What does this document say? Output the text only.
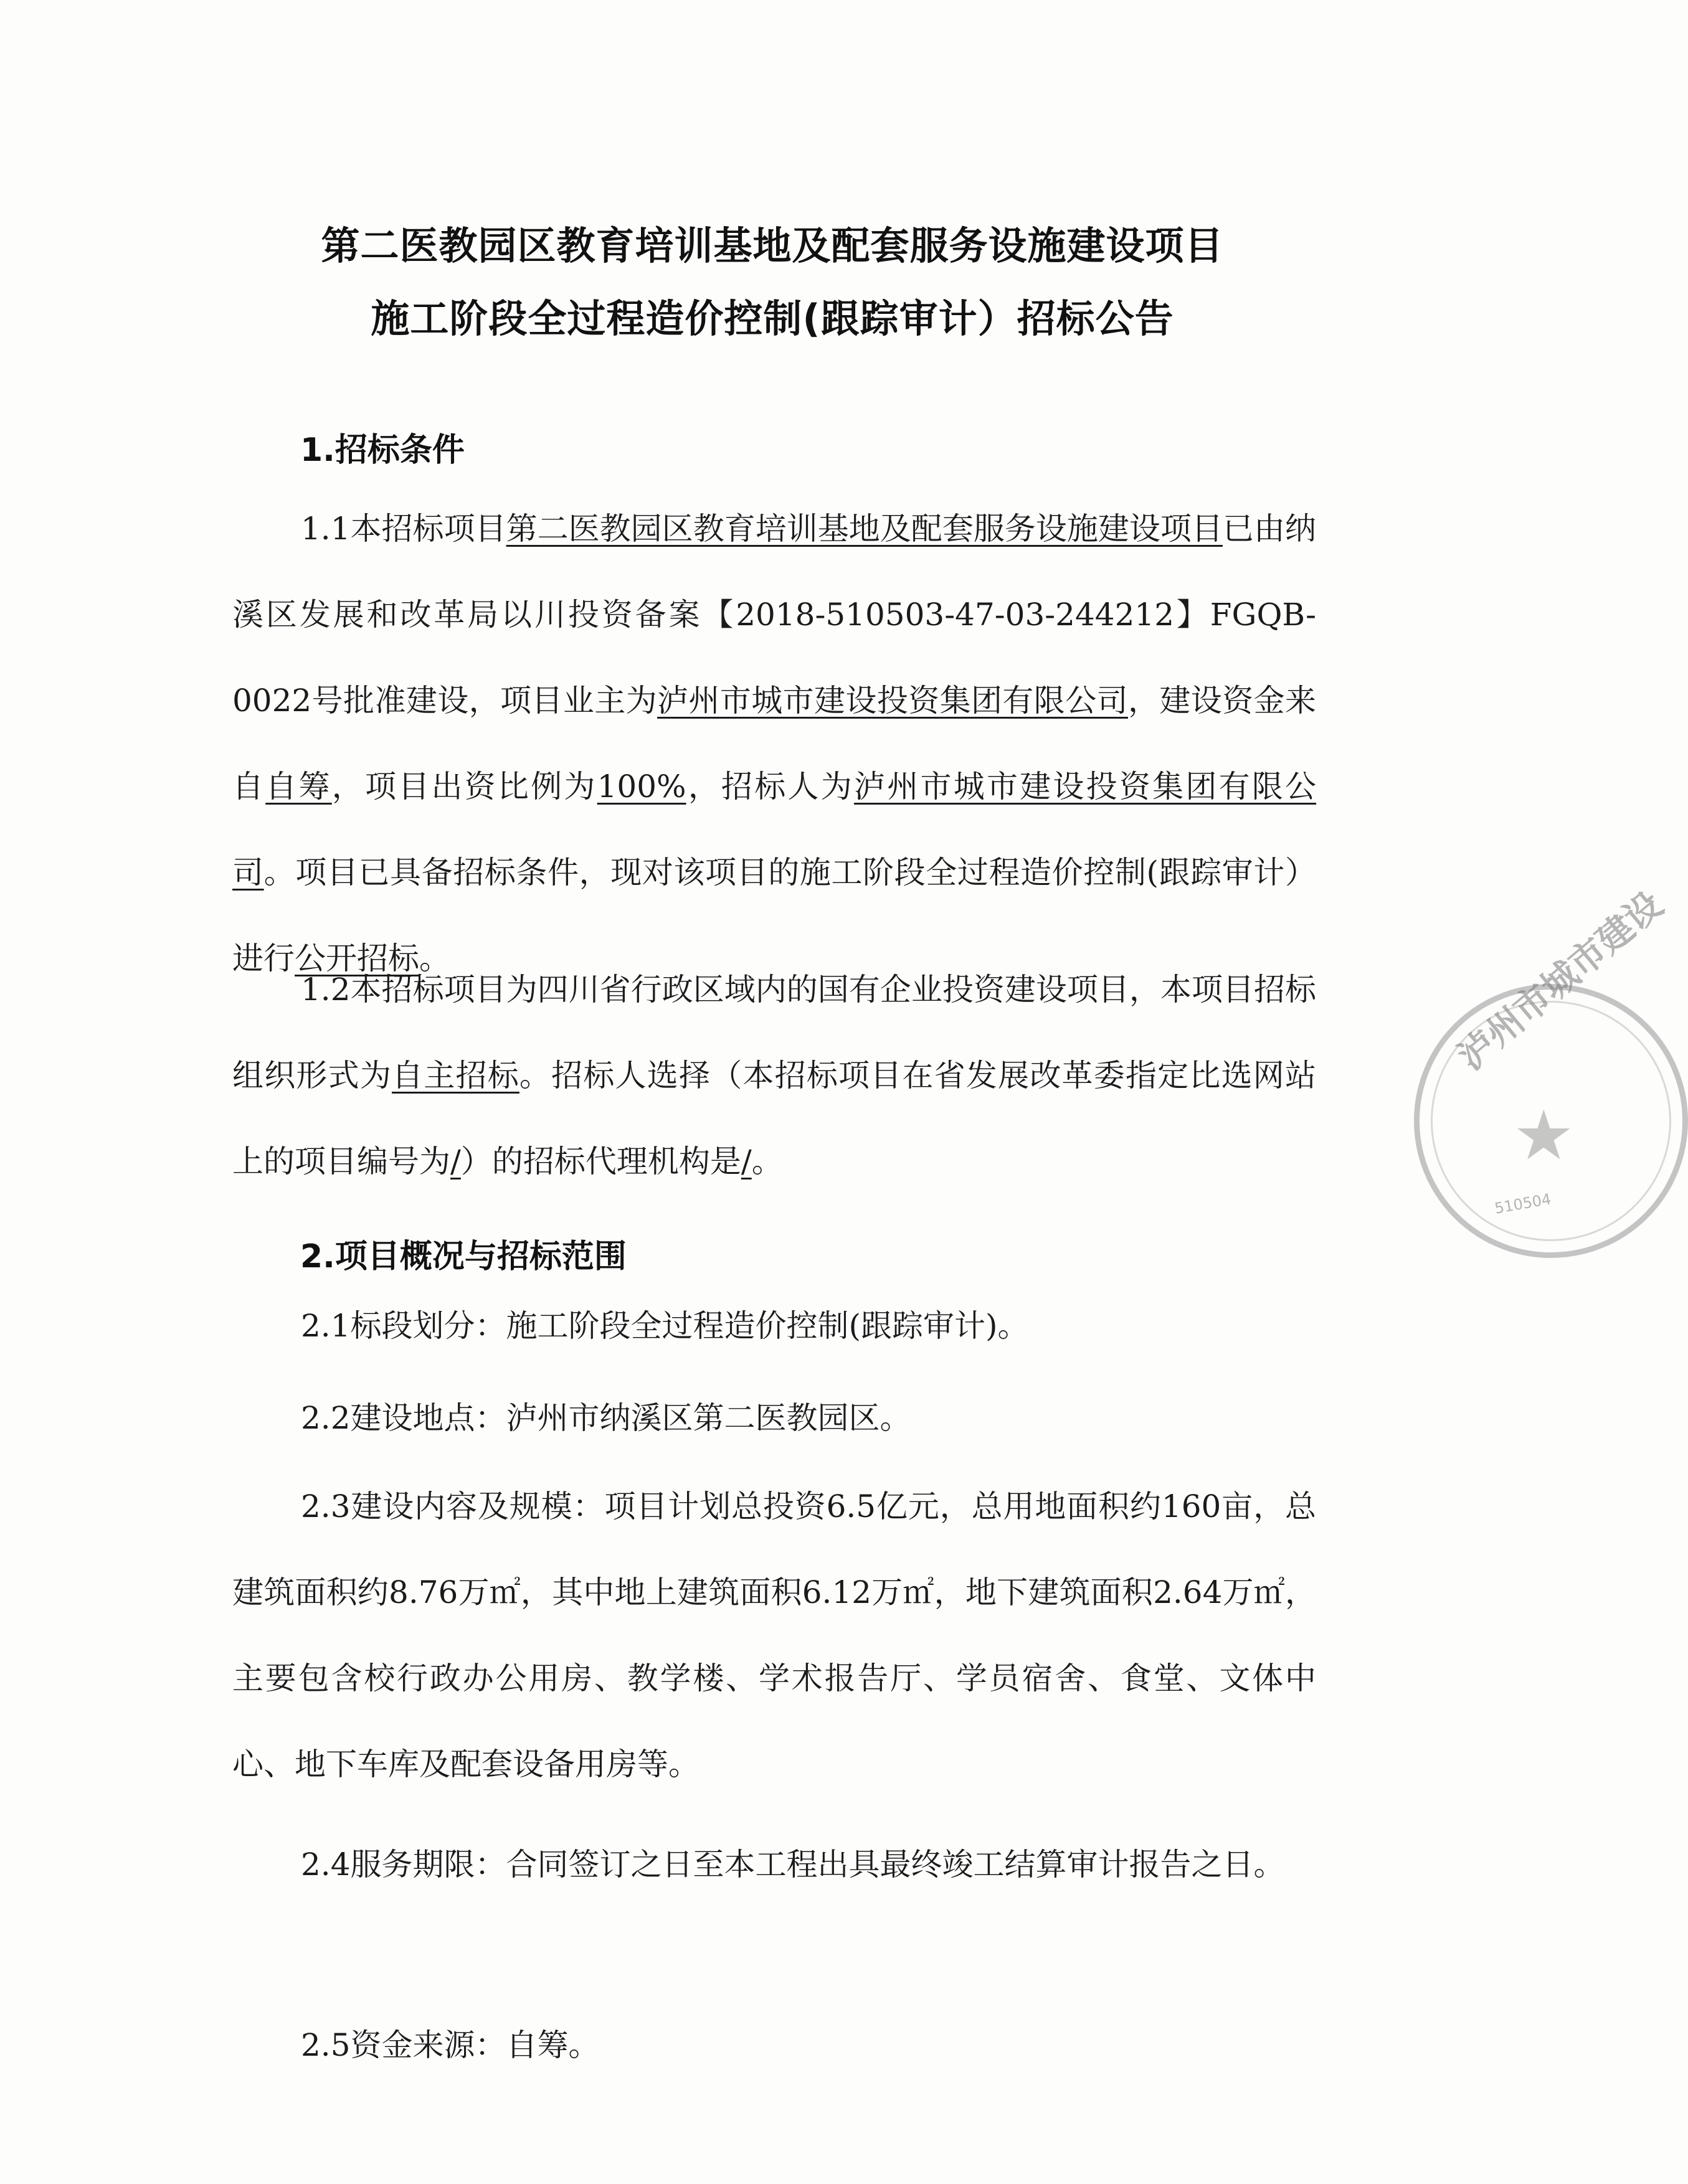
第二医教园区教育培训基地及配套服务设施建设项目
施工阶段全过程造价控制(跟踪审计）招标公告
1.招标条件

1.1本招标项目第二医教园区教育培训基地及配套服务设施建设项目已由纳溪区发展和改革局以川投资备案【2018-510503-47-03-244212】FGQB-0022号批准建设，项目业主为泸州市城市建设投资集团有限公司，建设资金来自自筹，项目出资比例为100%，招标人为泸州市城市建设投资集团有限公司。项目已具备招标条件，现对该项目的施工阶段全过程造价控制(跟踪审计）进行公开招标。

1.2本招标项目为四川省行政区域内的国有企业投资建设项目，本项目招标组织形式为自主招标。招标人选择（本招标项目在省发展改革委指定比选网站上的项目编号为/）的招标代理机构是/。

2.项目概况与招标范围

2.1标段划分：施工阶段全过程造价控制(跟踪审计)。

2.2建设地点：泸州市纳溪区第二医教园区。

2.3建设内容及规模：项目计划总投资6.5亿元，总用地面积约160亩，总建筑面积约8.76万㎡，其中地上建筑面积6.12万㎡，地下建筑面积2.64万㎡，主要包含校行政办公用房、教学楼、学术报告厅、学员宿舍、食堂、文体中心、地下车库及配套设备用房等。

2.4服务期限：合同签订之日至本工程出具最终竣工结算审计报告之日。

2.5资金来源：自筹。

泸州市城市建设
★
510504
